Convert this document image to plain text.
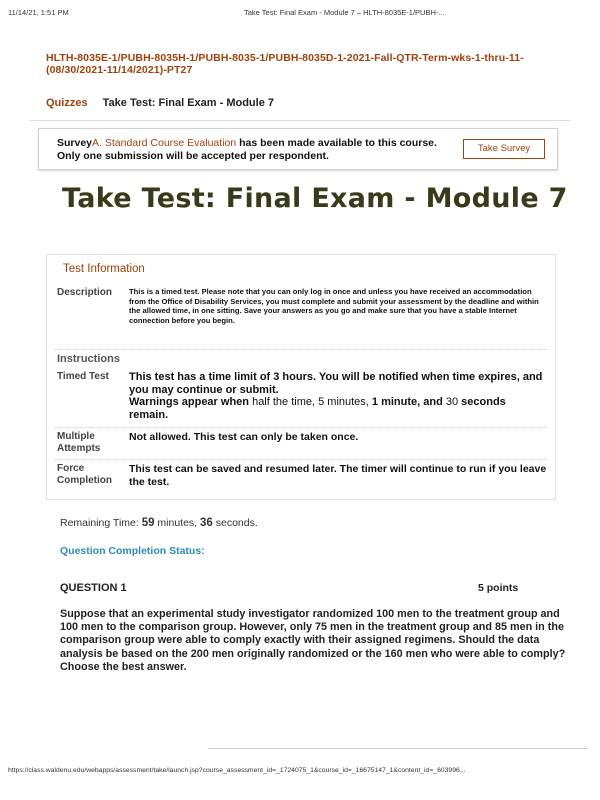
11/14/21, 1:51 PM	Take Test: Final Exam - Module 7 – HLTH-8035E-1/PUBH-...
HLTH-8035E-1/PUBH-8035H-1/PUBH-8035-1/PUBH-8035D-1-2021-Fall-QTR-Term-wks-1-thru-11-(08/30/2021-11/14/2021)-PT27
Quizzes Take Test: Final Exam - Module 7
SurveyA. Standard Course Evaluation has been made available to this course. Only one submission will be accepted per respondent.
Take Survey
Take Test: Final Exam - Module 7
Test Information
Description This is a timed test. Please note that you can only log in once and unless you have received an accommodation from the Office of Disability Services, you must complete and submit your assessment by the deadline and within the allowed time, in one sitting. Save your answers as you go and make sure that you have a stable Internet connection before you begin.
Instructions
Timed Test This test has a time limit of 3 hours. You will be notified when time expires, and you may continue or submit.
Warnings appear when half the time, 5 minutes, 1 minute, and 30 seconds remain.
Multiple Attempts
Not allowed. This test can only be taken once.
Force Completion
This test can be saved and resumed later. The timer will continue to run if you leave the test.
Remaining Time: 59 minutes, 36 seconds.
Question Completion Status:
QUESTION 1	5 points
Suppose that an experimental study investigator randomized 100 men to the treatment group and 100 men to the comparison group. However, only 75 men in the treatment group and 85 men in the comparison group were able to comply exactly with their assigned regimens. Should the data analysis be based on the 200 men originally randomized or the 160 men who were able to comply? Choose the best answer.
https://class.waldenu.edu/webapps/assessment/take/launch.jsp?course_assessment_id=_1724075_1&course_id=_16675147_1&content_id=_603996...
